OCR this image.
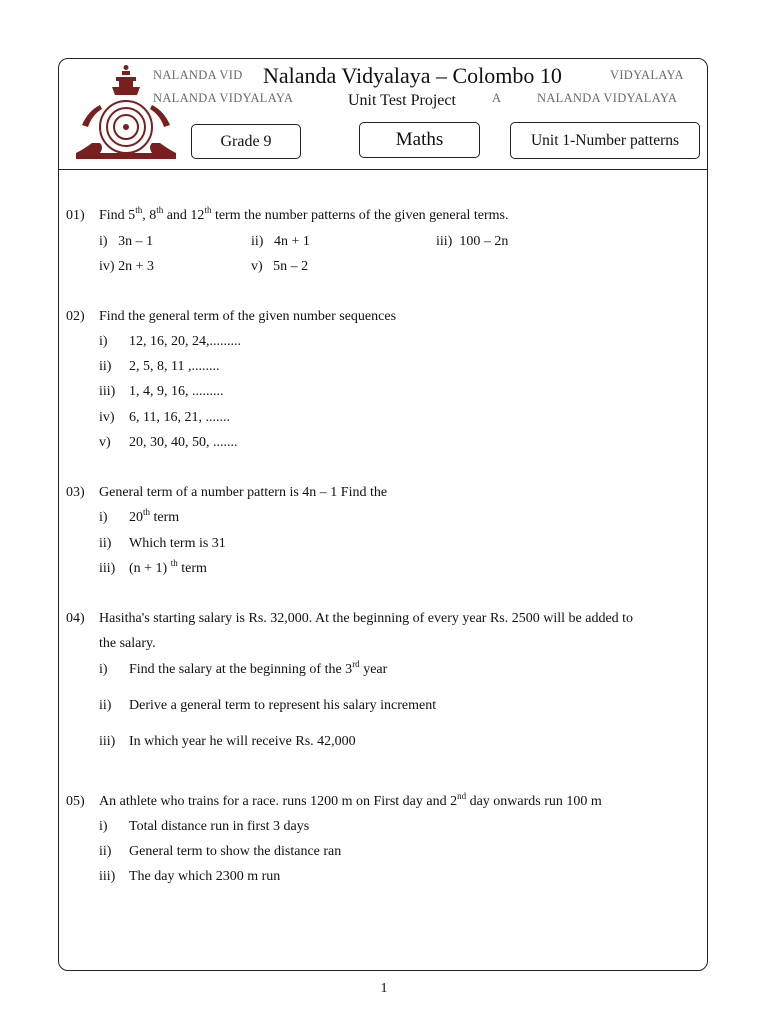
NALANDA VID	VIDYALAYA
NALANDA VIDYALAYA	A	NALANDA VIDYALAYA
Nalanda Vidyalaya – Colombo 10
Unit Test Project
Grade 9	Maths	Unit 1-Number patterns
01) Find 5th, 8th and 12th term the number patterns of the given general terms.
i) 3n – 1	ii) 4n + 1	iii) 100 – 2n
iv) 2n + 3	v) 5n – 2
02) Find the general term of the given number sequences
i) 12, 16, 20, 24,.........
ii) 2, 5, 8, 11 ,........
iii) 1, 4, 9, 16, .........
iv) 6, 11, 16, 21, .......
v) 20, 30, 40, 50, .......
03) General term of a number pattern is 4n – 1 Find the
i) 20th term
ii) Which term is 31
iii) (n + 1) $^{th}$ term
04) Hasitha's starting salary is Rs. 32,000. At the beginning of every year Rs. 2500 will be added to
the salary.
i) Find the salary at the beginning of the 3rd year
ii) Derive a general term to represent his salary increment
iii) In which year he will receive Rs. 42,000
05) An athlete who trains for a race. runs 1200 m on First day and 2nd day onwards run 100 m
i) Total distance run in first 3 days
ii) General term to show the distance ran
iii) The day which 2300 m run
1
